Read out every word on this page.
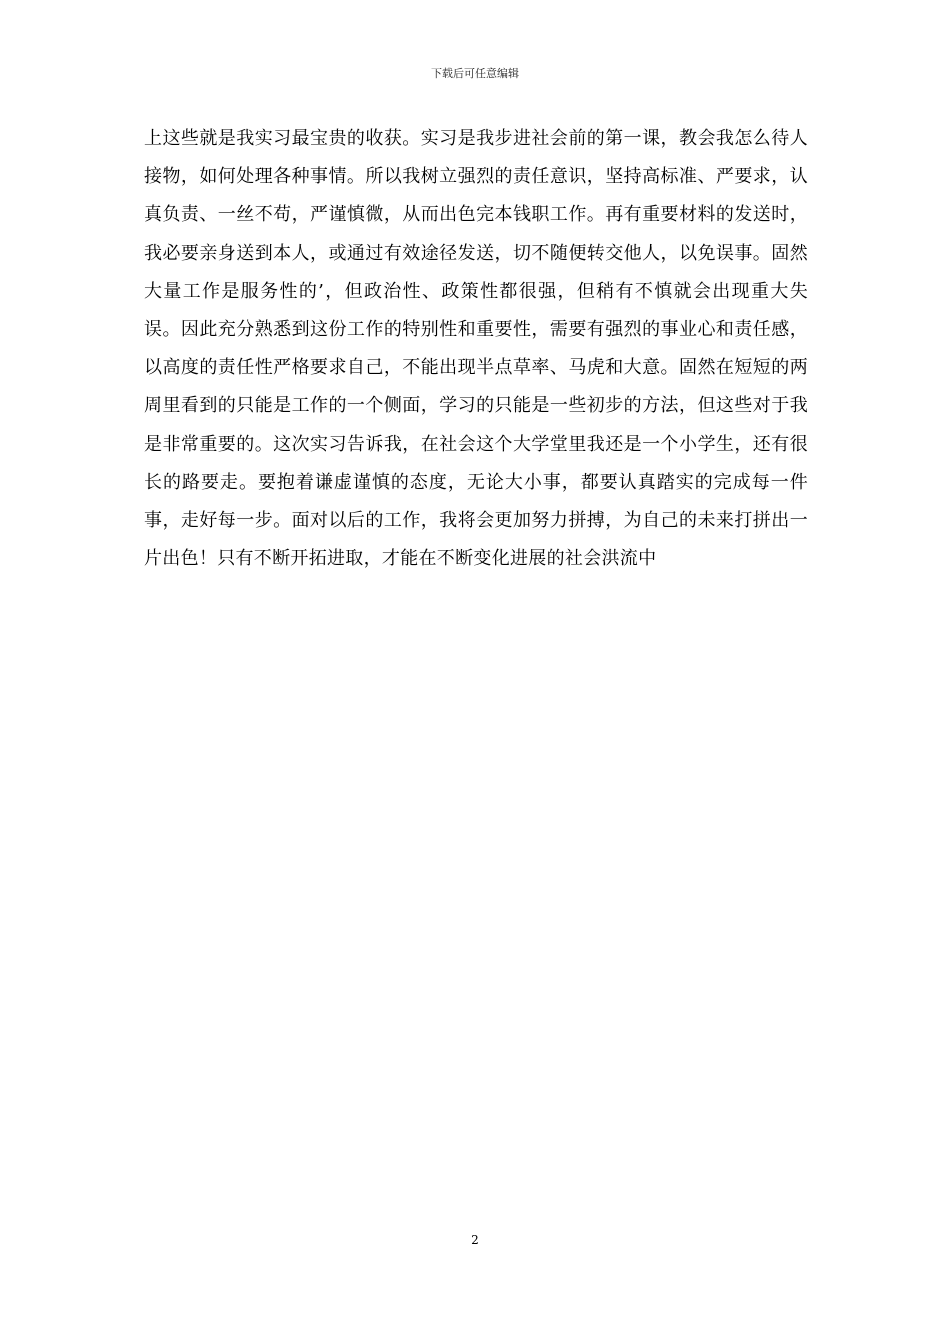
下载后可任意编辑

上这些就是我实习最宝贵的收获。实习是我步进社会前的第一课，教会我怎么待人接物，如何处理各种事情。所以我树立强烈的责任意识，坚持高标准、严要求，认真负责、一丝不苟，严谨慎微，从而出色完本钱职工作。再有重要材料的发送时，我必要亲身送到本人，或通过有效途径发送，切不随便转交他人，以免误事。固然大量工作是服务性的’，但政治性、政策性都很强，但稍有不慎就会出现重大失误。因此充分熟悉到这份工作的特别性和重要性，需要有强烈的事业心和责任感，以高度的责任性严格要求自己，不能出现半点草率、马虎和大意。固然在短短的两周里看到的只能是工作的一个侧面，学习的只能是一些初步的方法，但这些对于我是非常重要的。这次实习告诉我，在社会这个大学堂里我还是一个小学生，还有很长的路要走。要抱着谦虚谨慎的态度，无论大小事，都要认真踏实的完成每一件事，走好每一步。面对以后的工作，我将会更加努力拼搏，为自己的未来打拼出一片出色！只有不断开拓进取，才能在不断变化进展的社会洪流中

2
